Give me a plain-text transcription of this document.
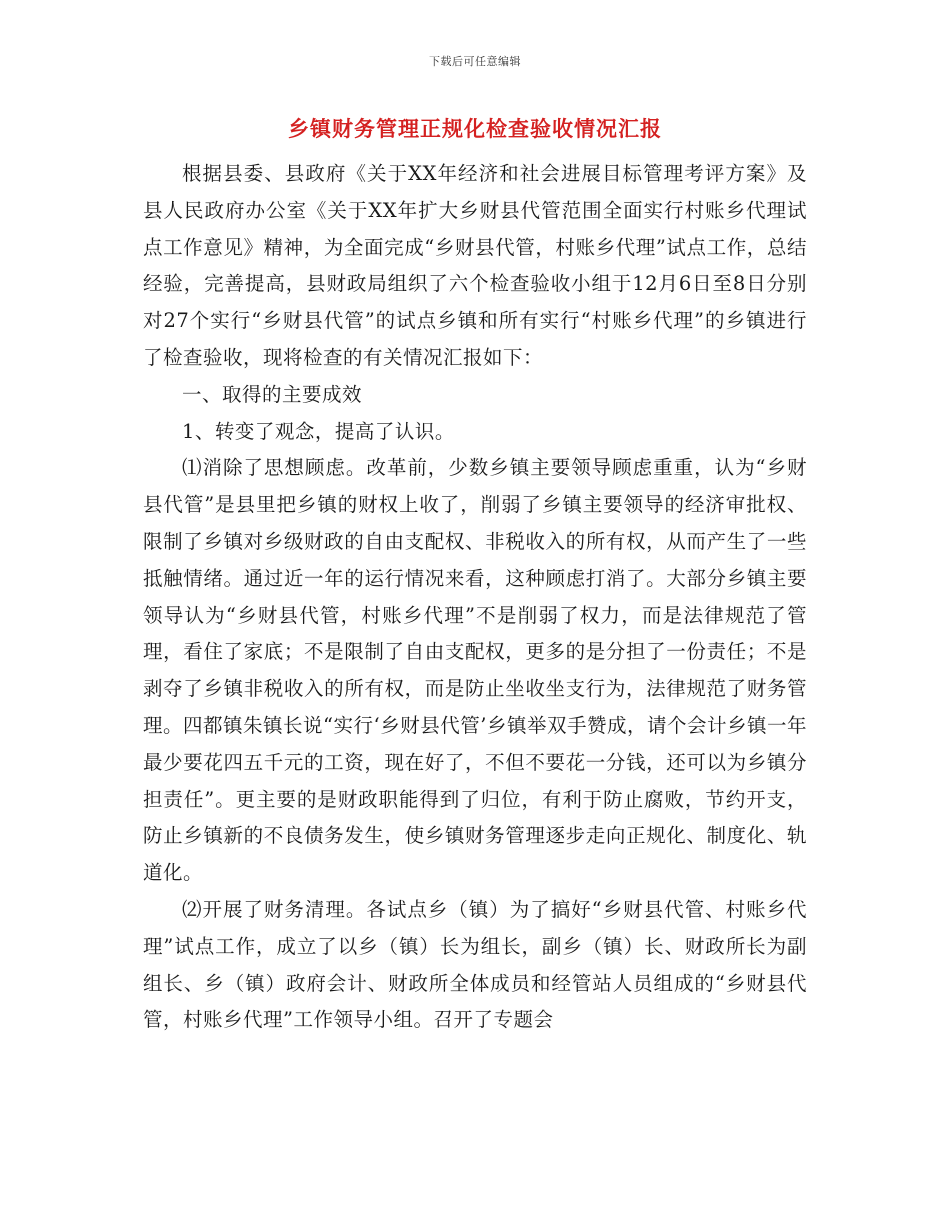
下载后可任意编辑
乡镇财务管理正规化检查验收情况汇报

根据县委、县政府《关于XX年经济和社会进展目标管理考评方案》及县人民政府办公室《关于XX年扩大乡财县代管范围全面实行村账乡代理试点工作意见》精神，为全面完成“乡财县代管，村账乡代理”试点工作，总结经验，完善提高，县财政局组织了六个检查验收小组于12月6日至8日分别对27个实行“乡财县代管”的试点乡镇和所有实行“村账乡代理”的乡镇进行了检查验收，现将检查的有关情况汇报如下：

一、取得的主要成效

1、转变了观念，提高了认识。

⑴消除了思想顾虑。改革前，少数乡镇主要领导顾虑重重，认为“乡财县代管”是县里把乡镇的财权上收了，削弱了乡镇主要领导的经济审批权、限制了乡镇对乡级财政的自由支配权、非税收入的所有权，从而产生了一些抵触情绪。通过近一年的运行情况来看，这种顾虑打消了。大部分乡镇主要领导认为“乡财县代管，村账乡代理”不是削弱了权力，而是法律规范了管理，看住了家底；不是限制了自由支配权，更多的是分担了一份责任；不是剥夺了乡镇非税收入的所有权，而是防止坐收坐支行为，法律规范了财务管理。四都镇朱镇长说“实行‘乡财县代管’乡镇举双手赞成，请个会计乡镇一年最少要花四五千元的工资，现在好了，不但不要花一分钱，还可以为乡镇分担责任”。更主要的是财政职能得到了归位，有利于防止腐败，节约开支，防止乡镇新的不良债务发生，使乡镇财务管理逐步走向正规化、制度化、轨道化。

⑵开展了财务清理。各试点乡（镇）为了搞好“乡财县代管、村账乡代理”试点工作，成立了以乡（镇）长为组长，副乡（镇）长、财政所长为副组长、乡（镇）政府会计、财政所全体成员和经管站人员组成的“乡财县代管，村账乡代理”工作领导小组。召开了专题会
